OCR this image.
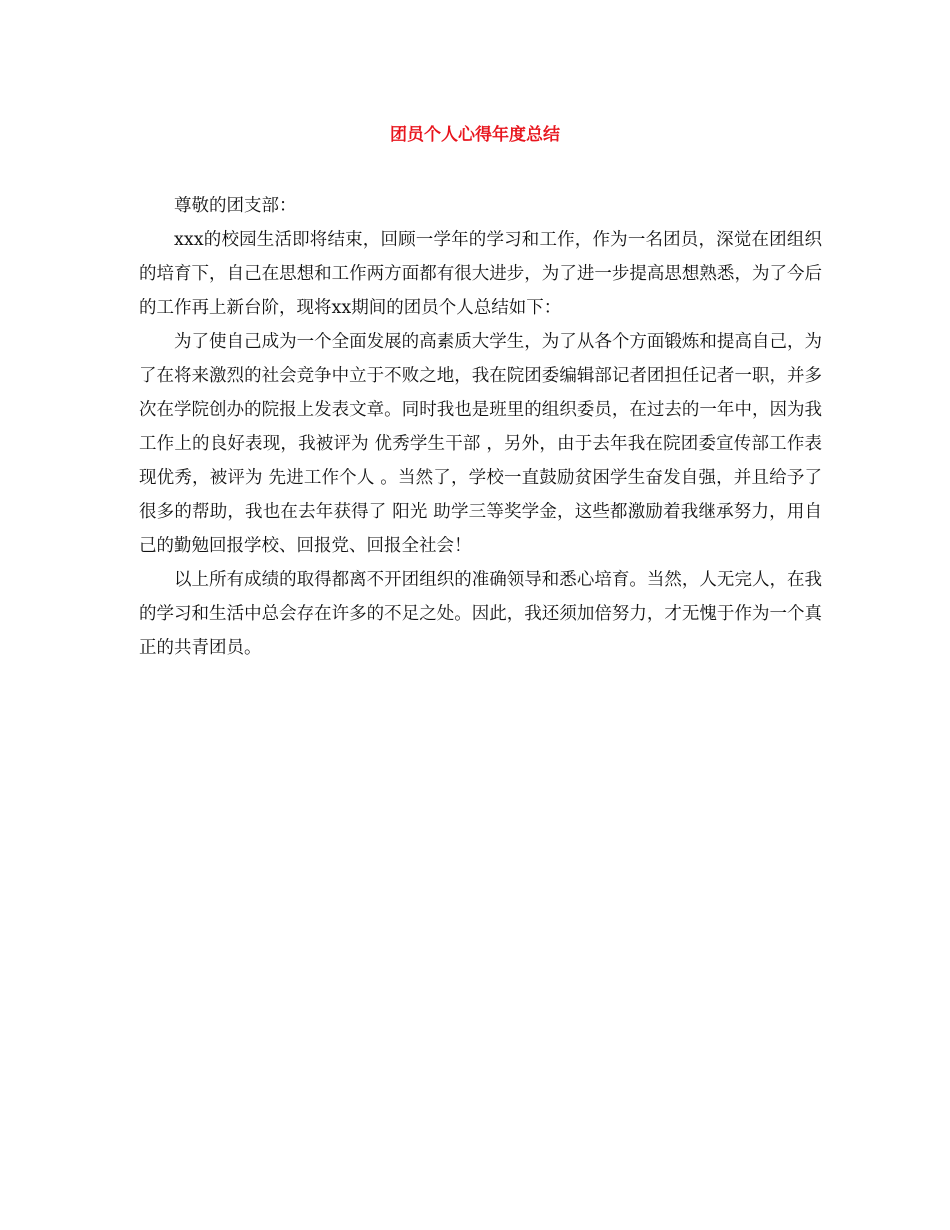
团员个人心得年度总结

尊敬的团支部：

xxx的校园生活即将结束，回顾一学年的学习和工作，作为一名团员，深觉在团组织的培育下，自己在思想和工作两方面都有很大进步，为了进一步提高思想熟悉，为了今后的工作再上新台阶，现将xx期间的团员个人总结如下：

为了使自己成为一个全面发展的高素质大学生，为了从各个方面锻炼和提高自己，为了在将来激烈的社会竞争中立于不败之地，我在院团委编辑部记者团担任记者一职，并多次在学院创办的院报上发表文章。同时我也是班里的组织委员，在过去的一年中，因为我工作上的良好表现，我被评为 优秀学生干部 ，另外，由于去年我在院团委宣传部工作表现优秀，被评为 先进工作个人 。当然了，学校一直鼓励贫困学生奋发自强，并且给予了很多的帮助，我也在去年获得了 阳光 助学三等奖学金，这些都激励着我继承努力，用自己的勤勉回报学校、回报党、回报全社会！

以上所有成绩的取得都离不开团组织的准确领导和悉心培育。当然，人无完人，在我的学习和生活中总会存在许多的不足之处。因此，我还须加倍努力，才无愧于作为一个真正的共青团员。
